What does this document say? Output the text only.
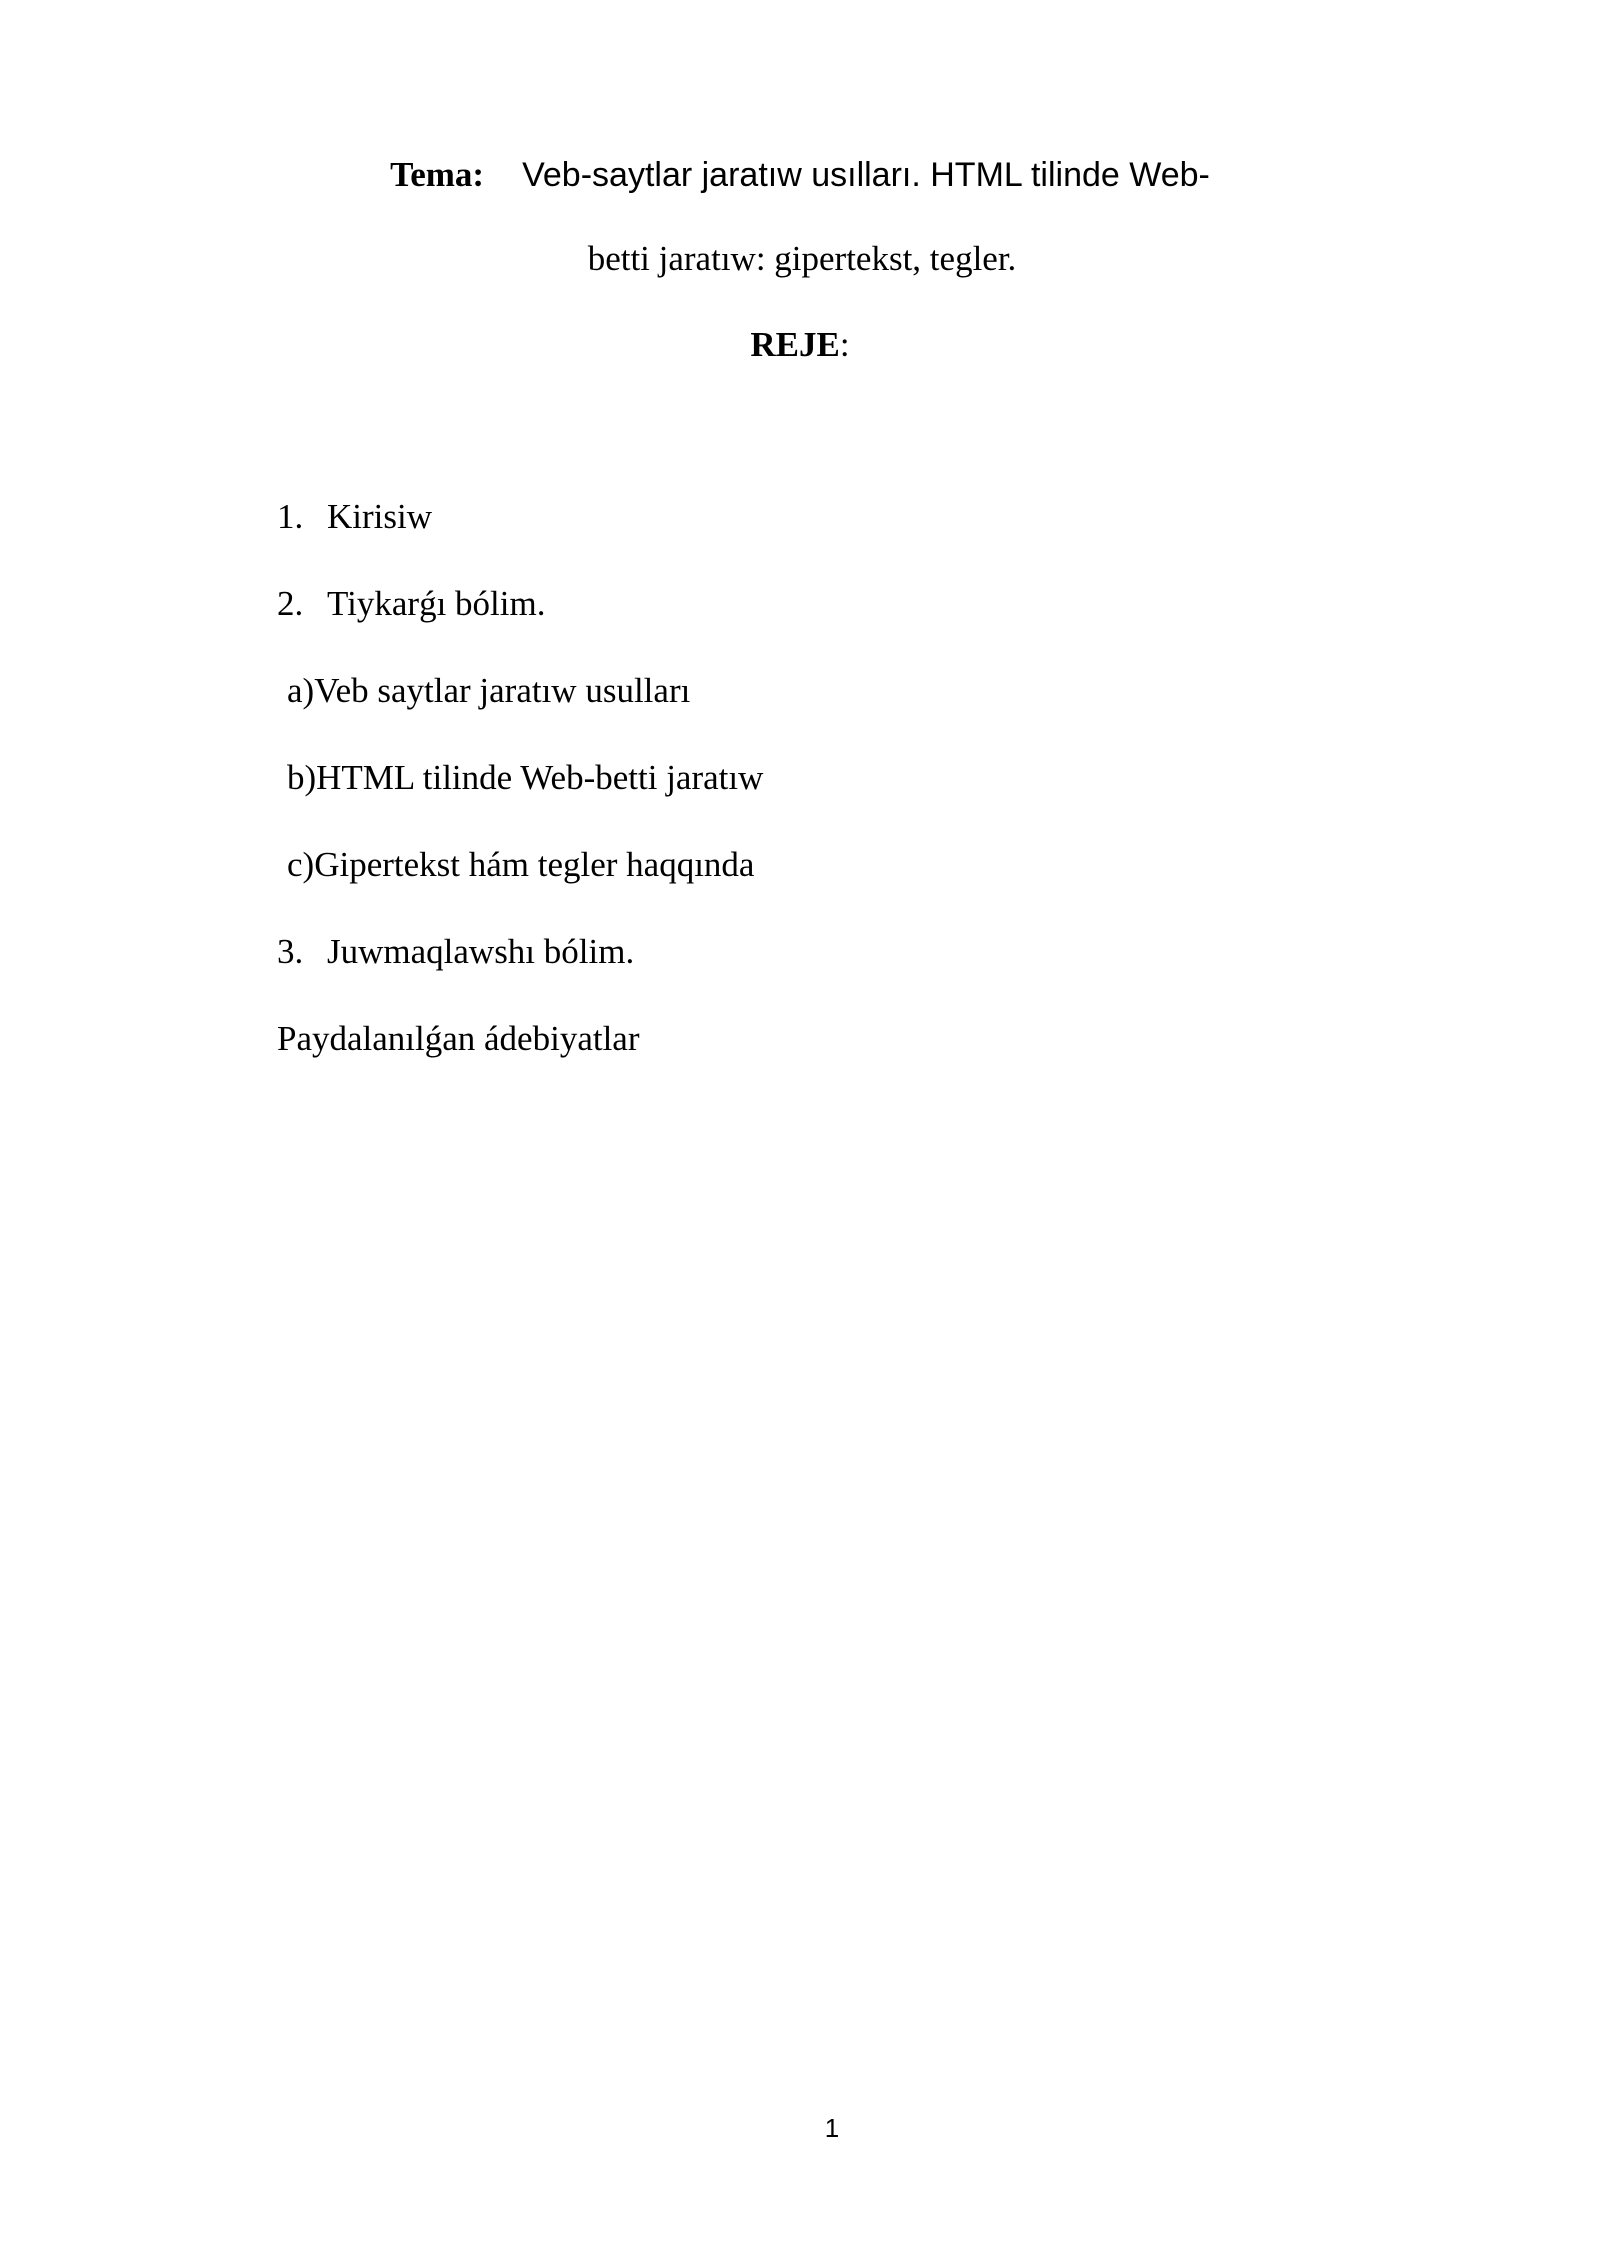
Tema: Veb-saytlar jaratıw usılları. HTML tilinde Web-
betti jaratıw: gipertekst, tegler.
REJE:
1. Kirisiw
2. Tiykarǵı bólim.
a)Veb saytlar jaratıw usulları
b)HTML tilinde Web-betti jaratıw
c)Gipertekst hám tegler haqqında
3. Juwmaqlawshı bólim.
Paydalanılǵan ádebiyatlar
1
